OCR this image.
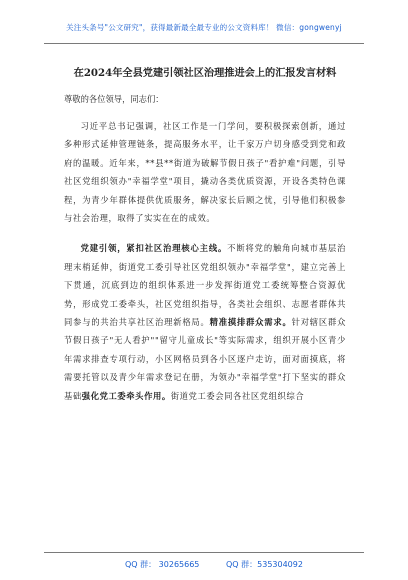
关注头条号"公文研究"，获得最新最全最专业的公文资料库！ 微信：gongwenyj
在2024年全县党建引领社区治理推进会上的汇报发言材料
尊敬的各位领导，同志们：
习近平总书记强调，社区工作是一门学问，要积极探索创新，通过多种形式延伸管理链条，提高服务水平，让千家万户切身感受到党和政府的温暖。近年来，**县**街道为破解节假日孩子"看护难"问题，引导社区党组织领办"幸福学堂"项目，撬动各类优质资源，开设各类特色课程，为青少年群体提供优质服务，解决家长后顾之忧，引导他们积极参与社会治理，取得了实实在在的成效。
党建引领，紧扣社区治理核心主线。不断将党的触角向城市基层治理末梢延伸，街道党工委引导社区党组织领办"幸福学堂"，建立完善上下贯通，沉底到边的组织体系进一步发挥街道党工委统筹整合资源优势，形成党工委牵头，社区党组织指导，各类社会组织、志愿者群体共同参与的共治共享社区治理新格局。精准摸排群众需求。针对辖区群众节假日孩子"无人看护""留守儿童成长"等实际需求，组织开展小区青少年需求排查专项行动，小区网格员到各小区逐户走访，面对面摸底，将需要托管以及青少年需求登记在册，为领办"幸福学堂"打下坚实的群众基础强化党工委牵头作用。街道党工委会同各社区党组织综合
QQ 群： 30265665	QQ 群：535304092
